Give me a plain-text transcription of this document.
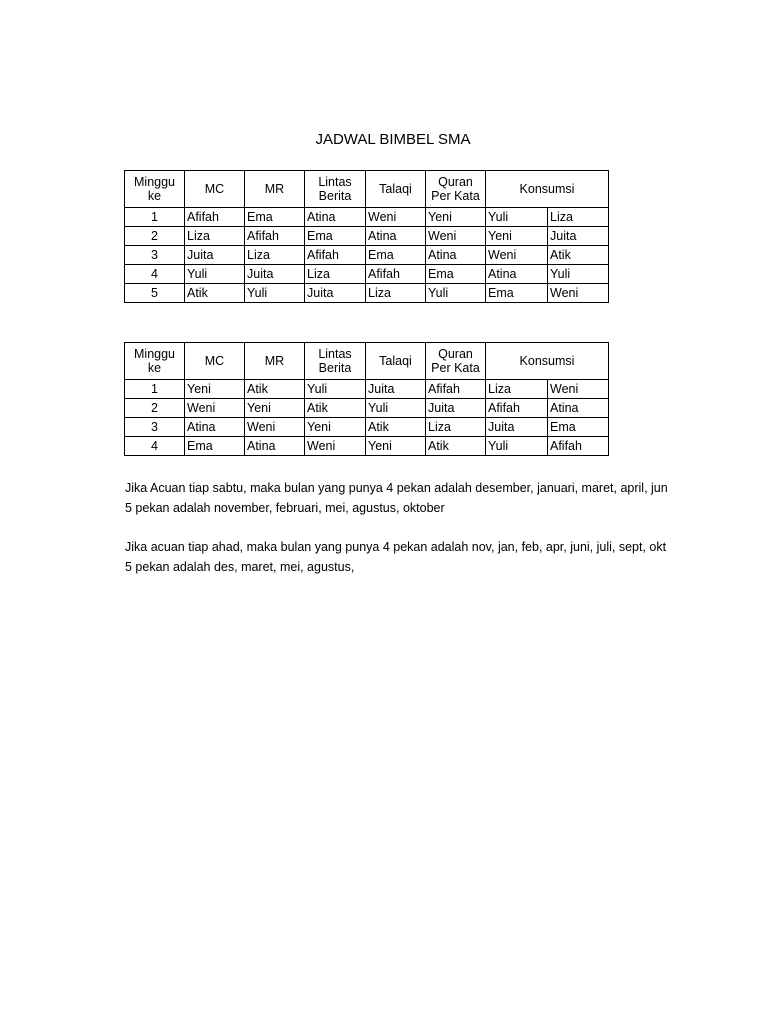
JADWAL BIMBEL SMA
Minggu ke	MC	MR	Lintas Berita	Talaqi	Quran Per Kata	Konsumsi	
1	Afifah	Ema	Atina	Weni	Yeni	Yuli	Liza
2	Liza	Afifah	Ema	Atina	Weni	Yeni	Juita
3	Juita	Liza	Afifah	Ema	Atina	Weni	Atik
4	Yuli	Juita	Liza	Afifah	Ema	Atina	Yuli
5	Atik	Yuli	Juita	Liza	Yuli	Ema	Weni
Minggu ke	MC	MR	Lintas Berita	Talaqi	Quran Per Kata	Konsumsi	
1	Yeni	Atik	Yuli	Juita	Afifah	Liza	Weni
2	Weni	Yeni	Atik	Yuli	Juita	Afifah	Atina
3	Atina	Weni	Yeni	Atik	Liza	Juita	Ema
4	Ema	Atina	Weni	Yeni	Atik	Yuli	Afifah
Jika Acuan tiap sabtu, maka bulan yang punya 4 pekan adalah desember, januari, maret, april, jun
5 pekan adalah november, februari, mei, agustus, oktober
Jika acuan tiap ahad, maka bulan yang punya 4 pekan adalah nov, jan, feb, apr, juni, juli, sept, okt
5 pekan adalah des, maret, mei, agustus,
